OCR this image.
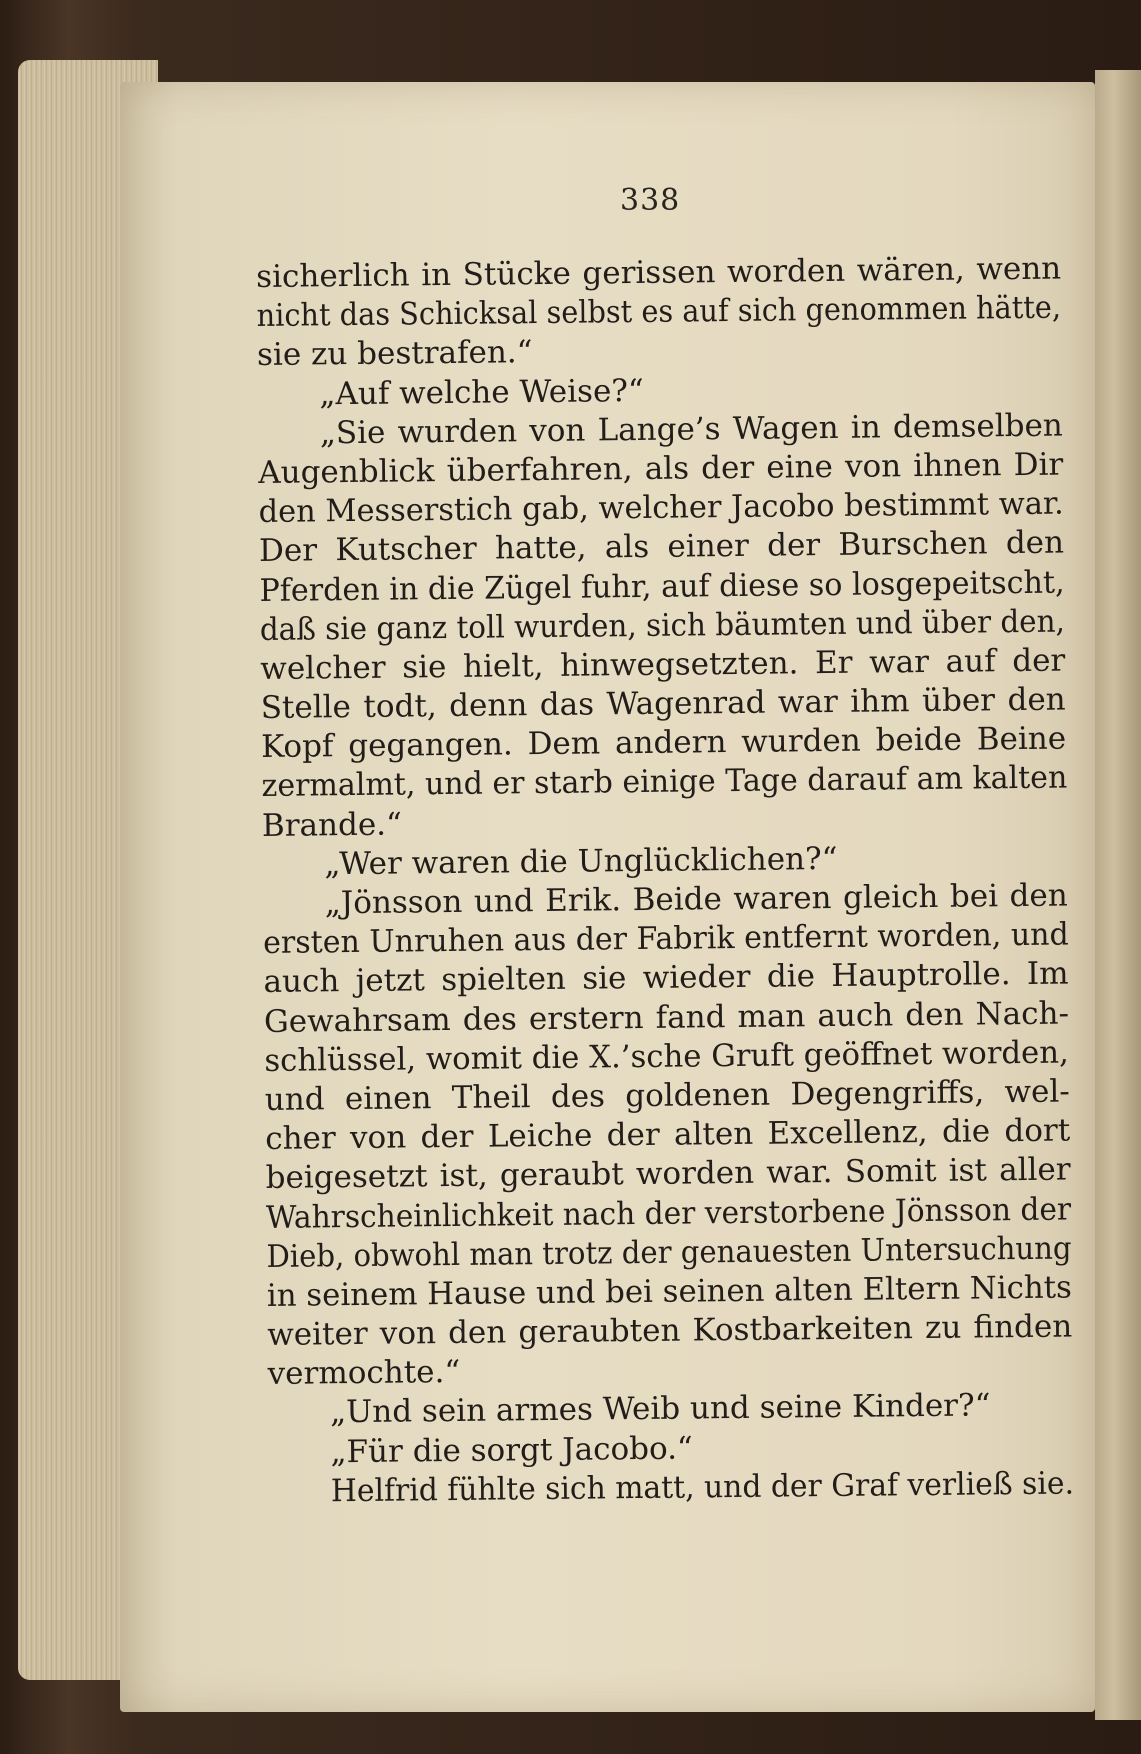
338
sicherlich in Stücke gerissen worden wären, wenn
nicht das Schicksal selbst es auf sich genommen hätte,
sie zu bestrafen.“
„Auf welche Weise?“
„Sie wurden von Lange’s Wagen in demselben
Augenblick überfahren, als der eine von ihnen Dir
den Messerstich gab, welcher Jacobo bestimmt war.
Der Kutscher hatte, als einer der Burschen den
Pferden in die Zügel fuhr, auf diese so losgepeitscht,
daß sie ganz toll wurden, sich bäumten und über den,
welcher sie hielt, hinwegsetzten. Er war auf der
Stelle todt, denn das Wagenrad war ihm über den
Kopf gegangen. Dem andern wurden beide Beine
zermalmt, und er starb einige Tage darauf am kalten
Brande.“
„Wer waren die Unglücklichen?“
„Jönsson und Erik. Beide waren gleich bei den
ersten Unruhen aus der Fabrik entfernt worden, und
auch jetzt spielten sie wieder die Hauptrolle. Im
Gewahrsam des erstern fand man auch den Nach-
schlüssel, womit die X.’sche Gruft geöffnet worden,
und einen Theil des goldenen Degengriffs, wel-
cher von der Leiche der alten Excellenz, die dort
beigesetzt ist, geraubt worden war. Somit ist aller
Wahrscheinlichkeit nach der verstorbene Jönsson der
Dieb, obwohl man trotz der genauesten Untersuchung
in seinem Hause und bei seinen alten Eltern Nichts
weiter von den geraubten Kostbarkeiten zu finden
vermochte.“
„Und sein armes Weib und seine Kinder?“
„Für die sorgt Jacobo.“
Helfrid fühlte sich matt, und der Graf verließ sie.
